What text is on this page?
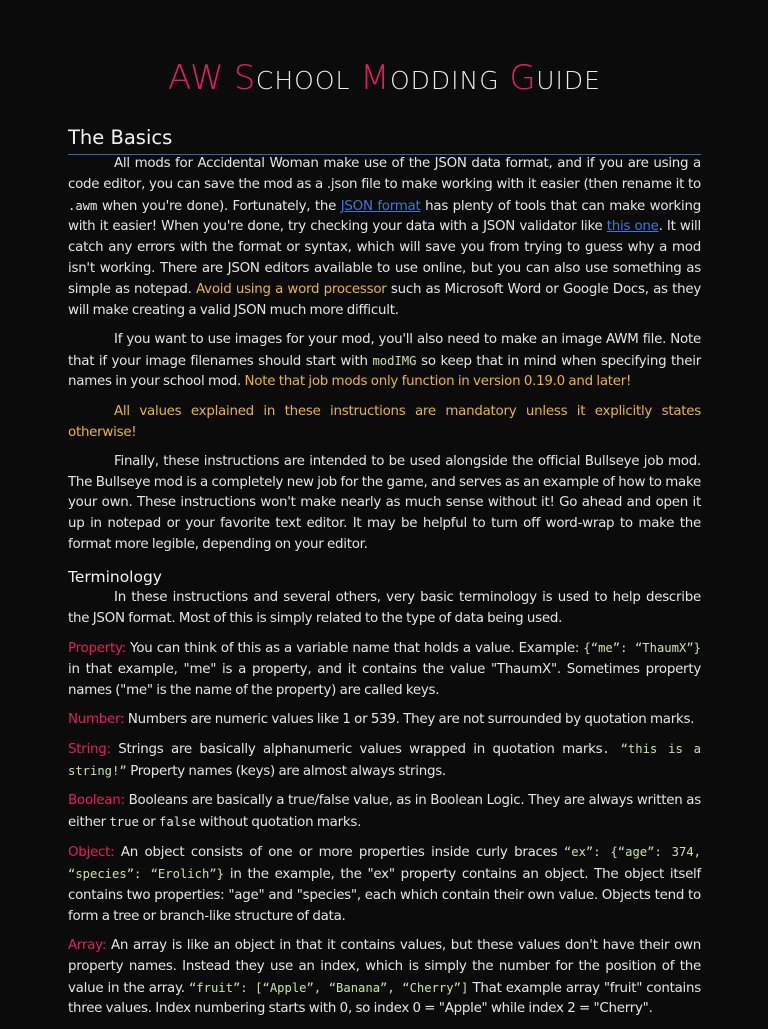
AW SCHOOL MODDING GUIDE
The Basics

All mods for Accidental Woman make use of the JSON data format, and if you are using a code editor, you can save the mod as a .json file to make working with it easier (then rename it to .awm when you're done). Fortunately, the JSON format has plenty of tools that can make working with it easier! When you're done, try checking your data with a JSON validator like this one. It will catch any errors with the format or syntax, which will save you from trying to guess why a mod isn't working. There are JSON editors available to use online, but you can also use something as simple as notepad. Avoid using a word processor such as Microsoft Word or Google Docs, as they will make creating a valid JSON much more difficult.

If you want to use images for your mod, you'll also need to make an image AWM file. Note that if your image filenames should start with modIMG so keep that in mind when specifying their names in your school mod. Note that job mods only function in version 0.19.0 and later!

All values explained in these instructions are mandatory unless it explicitly states otherwise!

Finally, these instructions are intended to be used alongside the official Bullseye job mod. The Bullseye mod is a completely new job for the game, and serves as an example of how to make your own. These instructions won't make nearly as much sense without it! Go ahead and open it up in notepad or your favorite text editor. It may be helpful to turn off word-wrap to make the format more legible, depending on your editor.

Terminology

In these instructions and several others, very basic terminology is used to help describe the JSON format. Most of this is simply related to the type of data being used.

Property: You can think of this as a variable name that holds a value. Example: {“me”: “ThaumX”} in that example, "me" is a property, and it contains the value "ThaumX". Sometimes property names ("me" is the name of the property) are called keys.

Number: Numbers are numeric values like 1 or 539. They are not surrounded by quotation marks.

String: Strings are basically alphanumeric values wrapped in quotation marks. “this is a string!” Property names (keys) are almost always strings.

Boolean: Booleans are basically a true/false value, as in Boolean Logic. They are always written as either true or false without quotation marks.

Object: An object consists of one or more properties inside curly braces “ex”: {“age”: 374, “species”: “Erolich”} in the example, the "ex" property contains an object. The object itself contains two properties: "age" and "species", each which contain their own value. Objects tend to form a tree or branch-like structure of data.

Array: An array is like an object in that it contains values, but these values don't have their own property names. Instead they use an index, which is simply the number for the position of the value in the array. “fruit”: [“Apple”, “Banana”, “Cherry”] That example array "fruit" contains three values. Index numbering starts with 0, so index 0 = "Apple" while index 2 = "Cherry".
